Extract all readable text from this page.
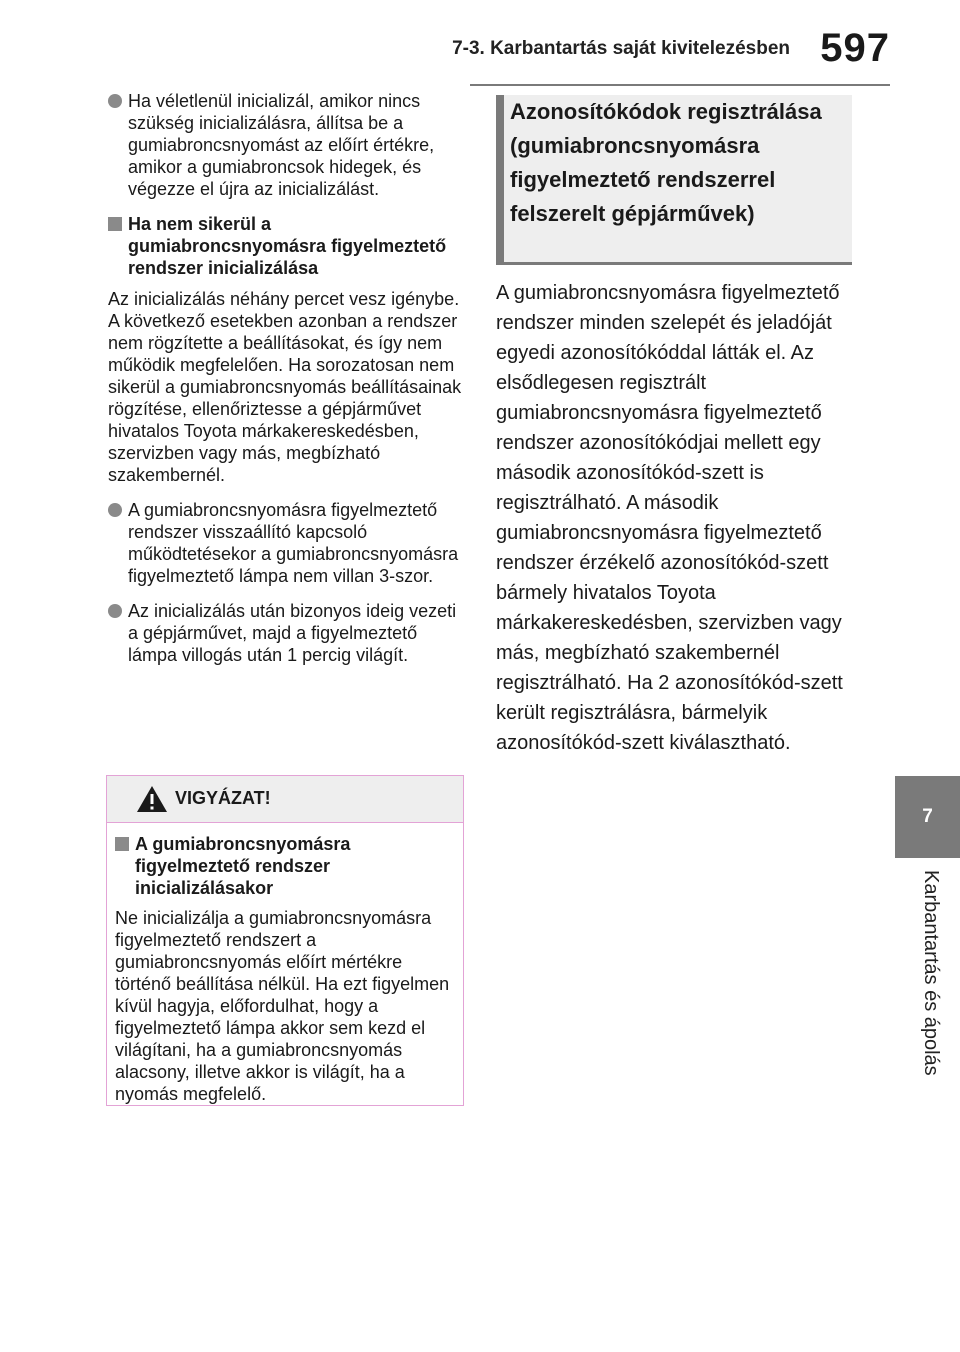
7-3. Karbantartás saját kivitelezésben 597
7
Karbantartás és ápolás
Ha véletlenül inicializál, amikor nincs szükség inicializálásra, állítsa be a gumiabroncsnyomást az előírt értékre, amikor a gumiabroncsok hidegek, és végezze el újra az inicializálást.
Ha nem sikerül a gumiabroncsnyomásra figyelmeztető rendszer inicializálása
Az inicializálás néhány percet vesz igénybe. A következő esetekben azonban a rendszer nem rögzítette a beállításokat, és így nem működik megfelelően. Ha sorozatosan nem sikerül a gumiabroncsnyomás beállításainak rögzítése, ellenőriztesse a gépjárművet hivatalos Toyota márkakereskedésben, szervizben vagy más, megbízható szakembernél.
A gumiabroncsnyomásra figyelmeztető rendszer visszaállító kapcsoló működtetésekor a gumiabroncsnyomásra figyelmeztető lámpa nem villan 3-szor.
Az inicializálás után bizonyos ideig vezeti a gépjárművet, majd a figyelmeztető lámpa villogás után 1 percig világít.
VIGYÁZAT!
A gumiabroncsnyomásra figyelmeztető rendszer inicializálásakor
Ne inicializálja a gumiabroncsnyomásra figyelmeztető rendszert a gumiabroncsnyomás előírt mértékre történő beállítása nélkül. Ha ezt figyelmen kívül hagyja, előfordulhat, hogy a figyelmeztető lámpa akkor sem kezd el világítani, ha a gumiabroncsnyomás alacsony, illetve akkor is világít, ha a nyomás megfelelő.
Azonosítókódok regisztrálása (gumiabroncsnyomásra figyelmeztető rendszerrel felszerelt gépjárművek)
A gumiabroncsnyomásra figyelmeztető rendszer minden szelepét és jeladóját egyedi azonosítókóddal látták el. Az elsődlegesen regisztrált gumiabroncsnyomásra figyelmeztető rendszer azonosítókódjai mellett egy második azonosítókód-szett is regisztrálható. A második gumiabroncsnyomásra figyelmeztető rendszer érzékelő azonosítókód-szett bármely hivatalos Toyota márkakereskedésben, szervizben vagy más, megbízható szakembernél regisztrálható. Ha 2 azonosítókód-szett került regisztrálásra, bármelyik azonosítókód-szett kiválasztható.
